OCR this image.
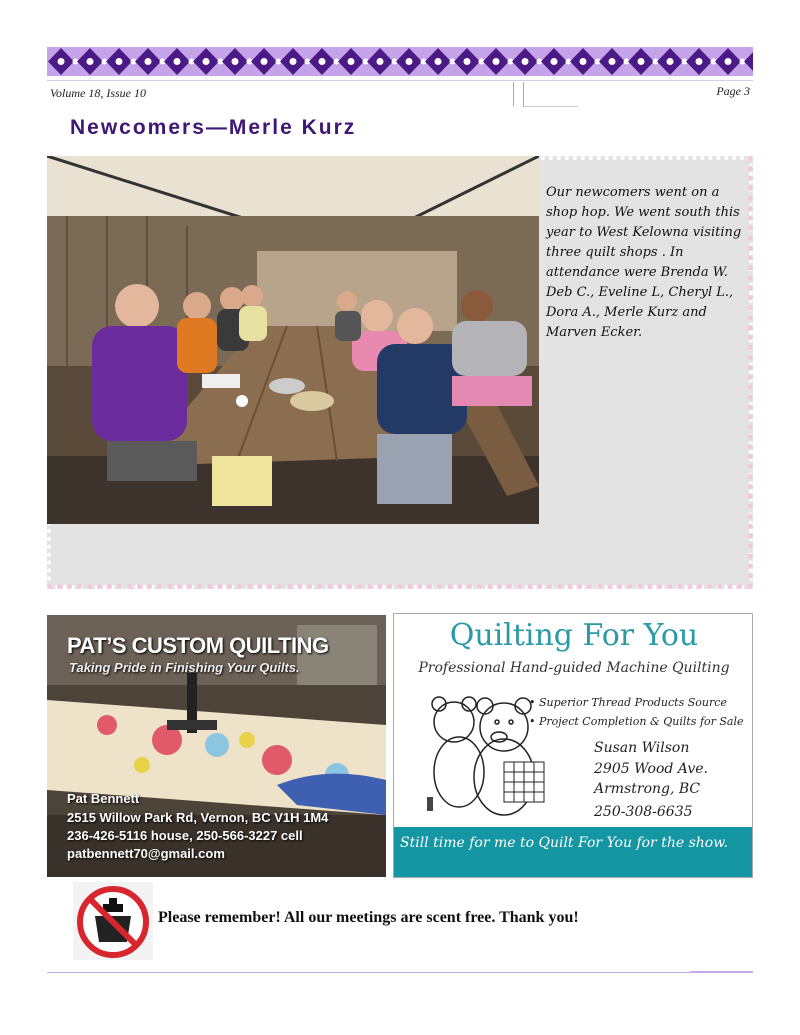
Volume 18, Issue 10	Page 3
Newcomers—Merle Kurz
Our newcomers went on a shop hop. We went south this year to West Kelowna visiting three quilt shops . In attendance were Brenda W. Deb C., Eveline L, Cheryl L., Dora A., Merle Kurz and Marven Ecker.
PAT’S CUSTOM QUILTING
Taking Pride in Finishing Your Quilts.
Pat Bennett
2515 Willow Park Rd, Vernon, BC V1H 1M4
236-426-5116 house, 250-566-3227 cell
patbennett70@gmail.com
Quilting For You
Professional Hand-guided Machine Quilting
• Superior Thread Products Source
• Project Completion & Quilts for Sale
Susan Wilson
2905 Wood Ave.
Armstrong, BC
250-308-6635
Still time for me to Quilt For You for the show.
Please remember! All our meetings are scent free. Thank you!
